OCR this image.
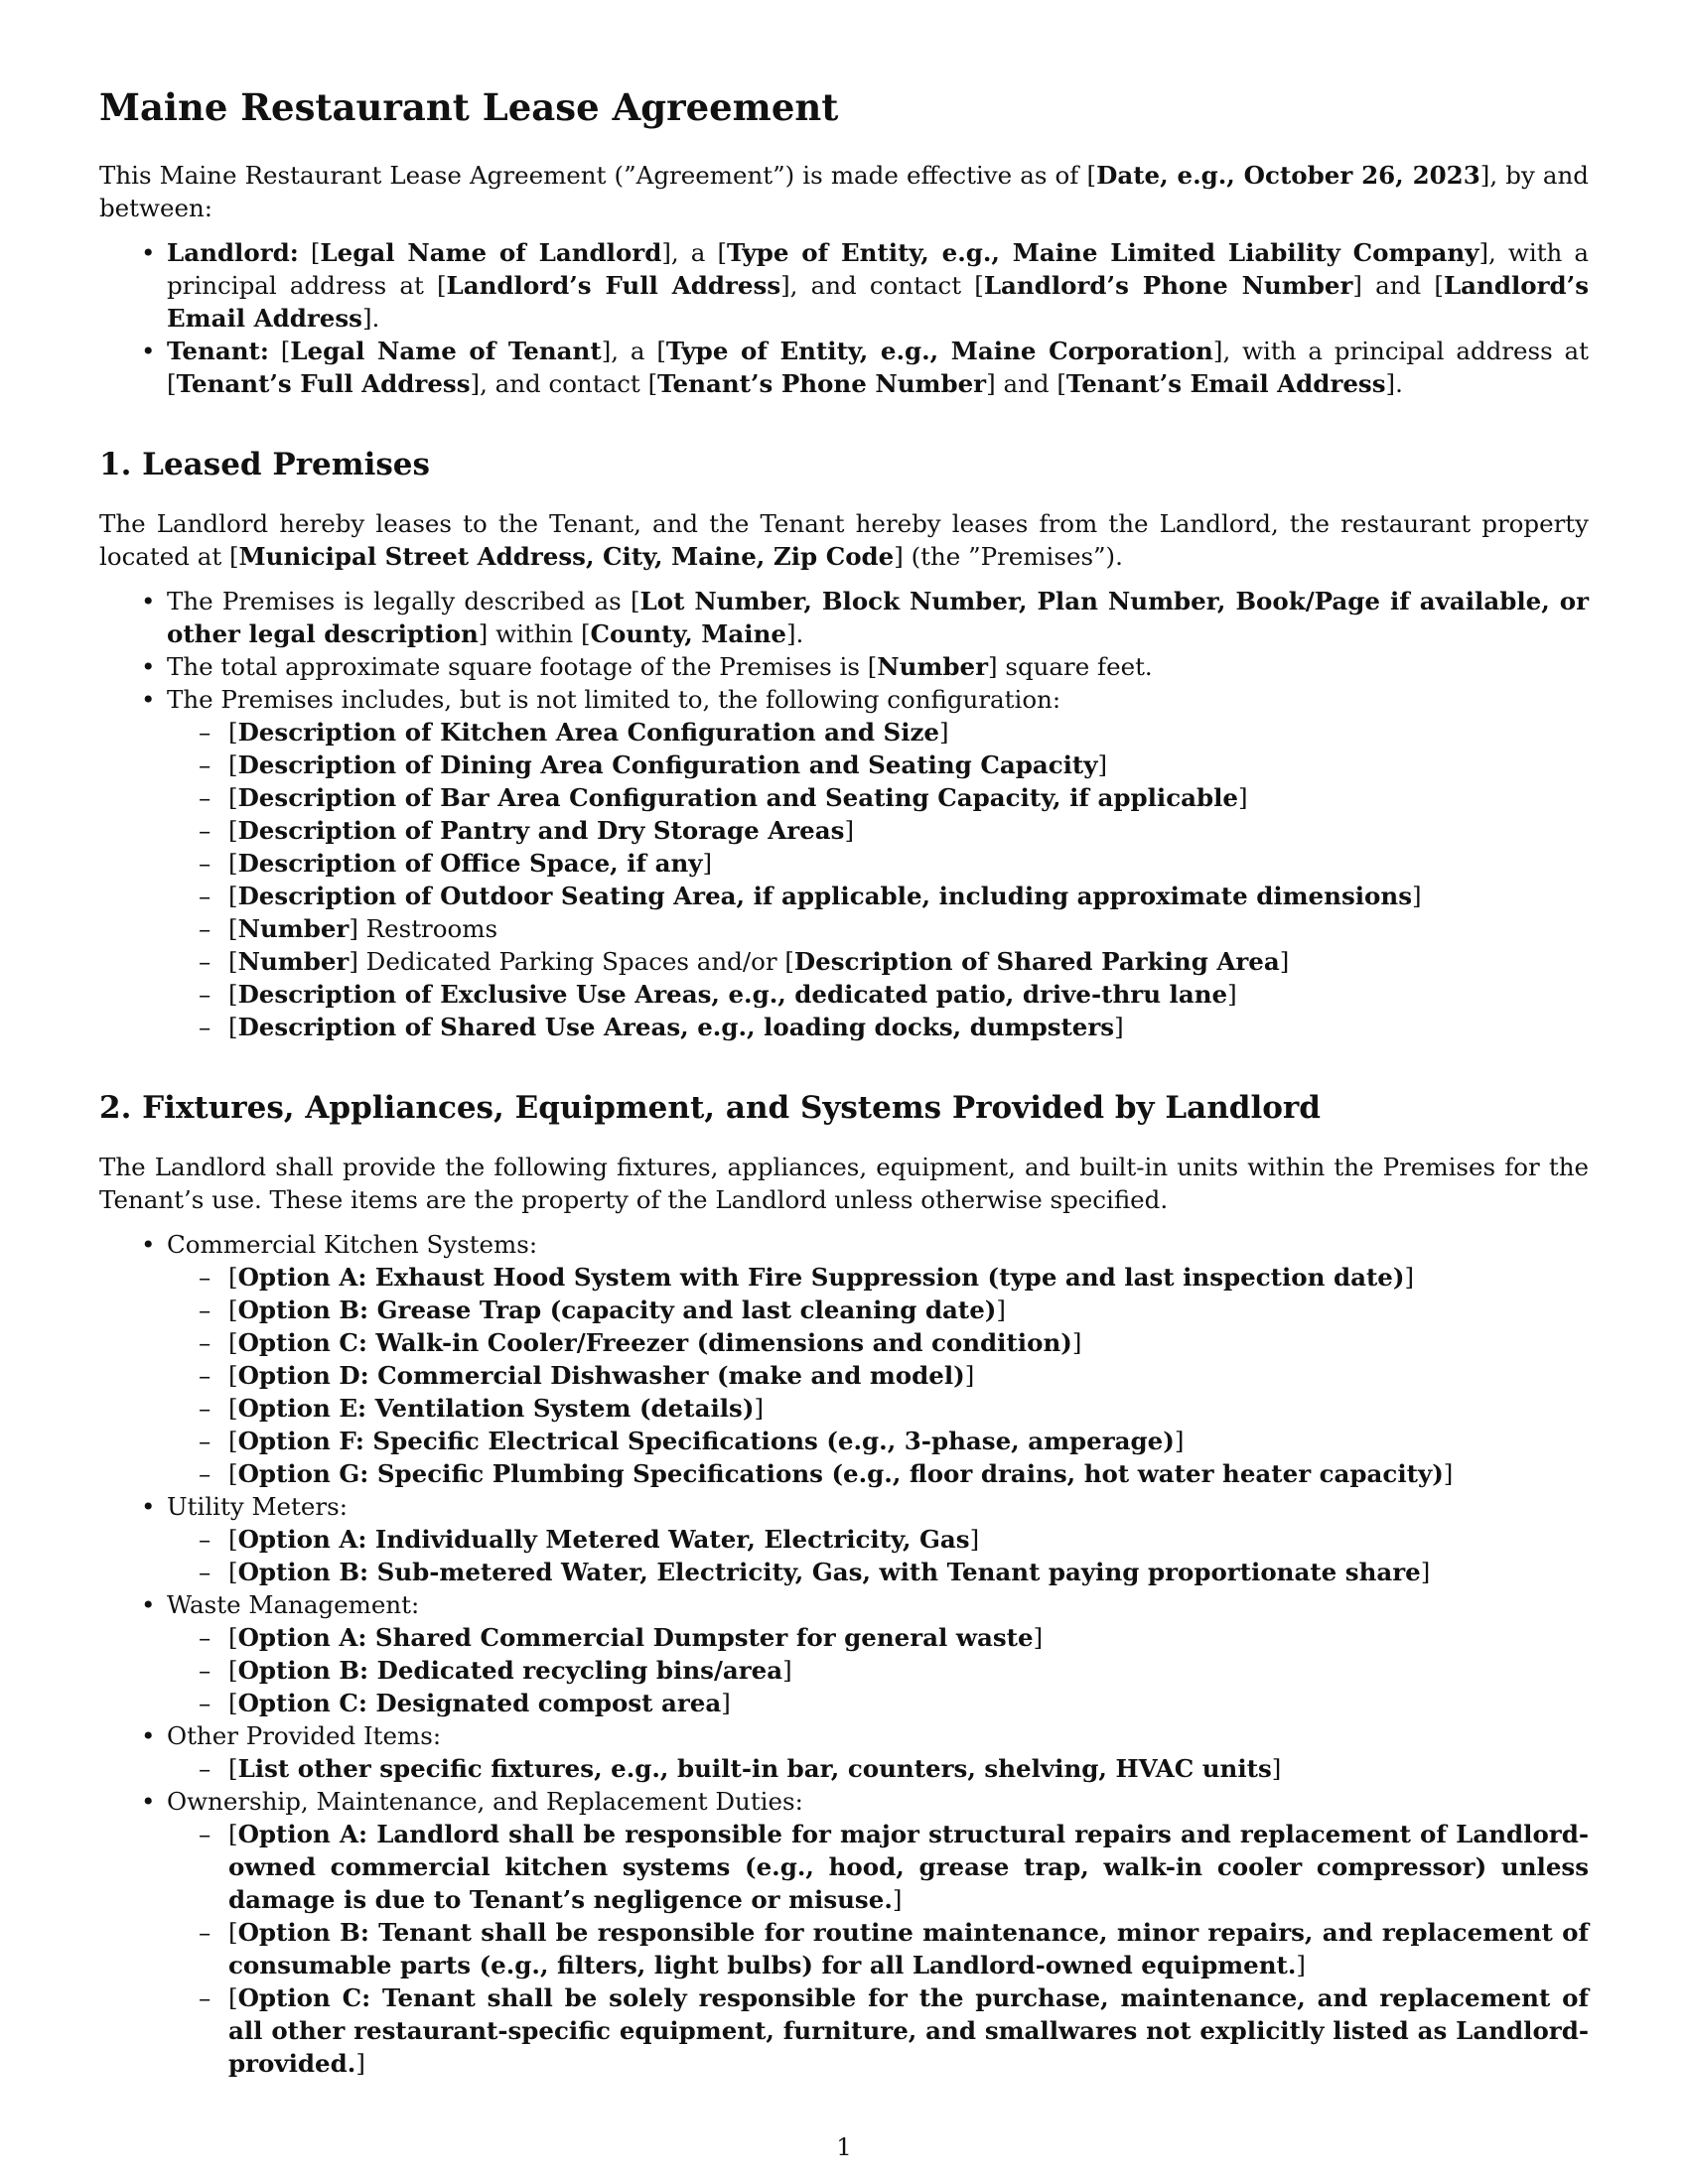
Maine Restaurant Lease Agreement

This Maine Restaurant Lease Agreement (”Agreement”) is made effective as of [Date, e.g., October 26, 2023], by and between:

• Landlord: [Legal Name of Landlord], a [Type of Entity, e.g., Maine Limited Liability Company], with a principal address at [Landlord’s Full Address], and contact [Landlord’s Phone Number] and [Landlord’s Email Address].
• Tenant: [Legal Name of Tenant], a [Type of Entity, e.g., Maine Corporation], with a principal address at [Tenant’s Full Address], and contact [Tenant’s Phone Number] and [Tenant’s Email Address].
1. Leased Premises

The Landlord hereby leases to the Tenant, and the Tenant hereby leases from the Landlord, the restaurant property located at [Municipal Street Address, City, Maine, Zip Code] (the ”Premises”).

• The Premises is legally described as [Lot Number, Block Number, Plan Number, Book/Page if available, or other legal description] within [County, Maine].
• The total approximate square footage of the Premises is [Number] square feet.
• The Premises includes, but is not limited to, the following configuration:
– [Description of Kitchen Area Configuration and Size]
– [Description of Dining Area Configuration and Seating Capacity]
– [Description of Bar Area Configuration and Seating Capacity, if applicable]
– [Description of Pantry and Dry Storage Areas]
– [Description of Office Space, if any]
– [Description of Outdoor Seating Area, if applicable, including approximate dimensions]
– [Number] Restrooms
– [Number] Dedicated Parking Spaces and/or [Description of Shared Parking Area]
– [Description of Exclusive Use Areas, e.g., dedicated patio, drive-thru lane]
– [Description of Shared Use Areas, e.g., loading docks, dumpsters]
2. Fixtures, Appliances, Equipment, and Systems Provided by Landlord

The Landlord shall provide the following fixtures, appliances, equipment, and built-in units within the Premises for the Tenant’s use. These items are the property of the Landlord unless otherwise specified.

• Commercial Kitchen Systems:
– [Option A: Exhaust Hood System with Fire Suppression (type and last inspection date)]
– [Option B: Grease Trap (capacity and last cleaning date)]
– [Option C: Walk-in Cooler/Freezer (dimensions and condition)]
– [Option D: Commercial Dishwasher (make and model)]
– [Option E: Ventilation System (details)]
– [Option F: Specific Electrical Specifications (e.g., 3-phase, amperage)]
– [Option G: Specific Plumbing Specifications (e.g., floor drains, hot water heater capacity)]
• Utility Meters:
– [Option A: Individually Metered Water, Electricity, Gas]
– [Option B: Sub-metered Water, Electricity, Gas, with Tenant paying proportionate share]
• Waste Management:
– [Option A: Shared Commercial Dumpster for general waste]
– [Option B: Dedicated recycling bins/area]
– [Option C: Designated compost area]
• Other Provided Items:
– [List other specific fixtures, e.g., built-in bar, counters, shelving, HVAC units]
• Ownership, Maintenance, and Replacement Duties:
– [Option A: Landlord shall be responsible for major structural repairs and replacement of Landlord-owned commercial kitchen systems (e.g., hood, grease trap, walk-in cooler compressor) unless damage is due to Tenant’s negligence or misuse.]
– [Option B: Tenant shall be responsible for routine maintenance, minor repairs, and replacement of consumable parts (e.g., filters, light bulbs) for all Landlord-owned equipment.]
– [Option C: Tenant shall be solely responsible for the purchase, maintenance, and replacement of all other restaurant-specific equipment, furniture, and smallwares not explicitly listed as Landlord-provided.]
1
